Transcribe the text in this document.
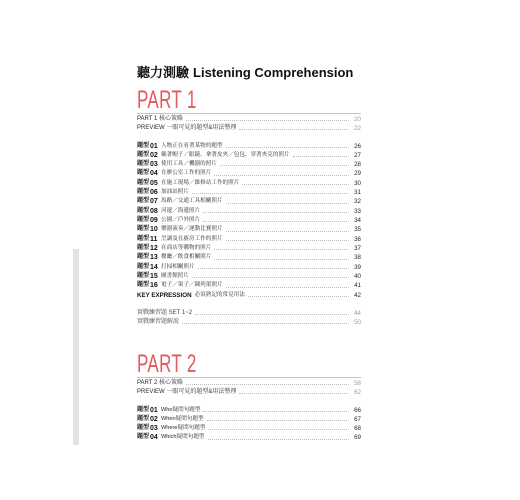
聽力測驗 Listening Comprehension
PART 1
PART 1 核心策略	20
PREVIEW 一眼可見的題型&用法整理	22
題型 01 人物正在看著某物的題型	26
題型 02 戴著帽子／眼鏡、拿著皮夾／包包、穿著夾克的照片	27
題型 03 使用工具／機器的照片	28
題型 04 在辦公室工作的照片	29
題型 05 在施工現場／維修站工作的照片	30
題型 06 加油站照片	31
題型 07 馬路／交通工具相關照片	32
題型 08 河邊／海邊照片	33
題型 09 公園／戶外照片	34
題型 10 樂器演奏／運動比賽照片	35
題型 11 烹調及在廚房工作的照片	36
題型 12 在商店等購物的照片	37
題型 13 餐廳／飲食相關照片	38
題型 14 打掃相關照片	39
題型 15 圖書館照片	40
題型 16 電子／架子／陳列架照片	41
KEY EXPRESSION 必須熟記的常見用法	42
實戰練習題 SET 1~2	44
實戰練習題解說	50
PART 2
PART 2 核心策略	58
PREVIEW 一眼可見的題型&用法整理	62
題型 01 Who疑問句題型	66
題型 02 When疑問句題型	67
題型 03 Where疑問句題型	68
題型 04 Which疑問句題型	69
